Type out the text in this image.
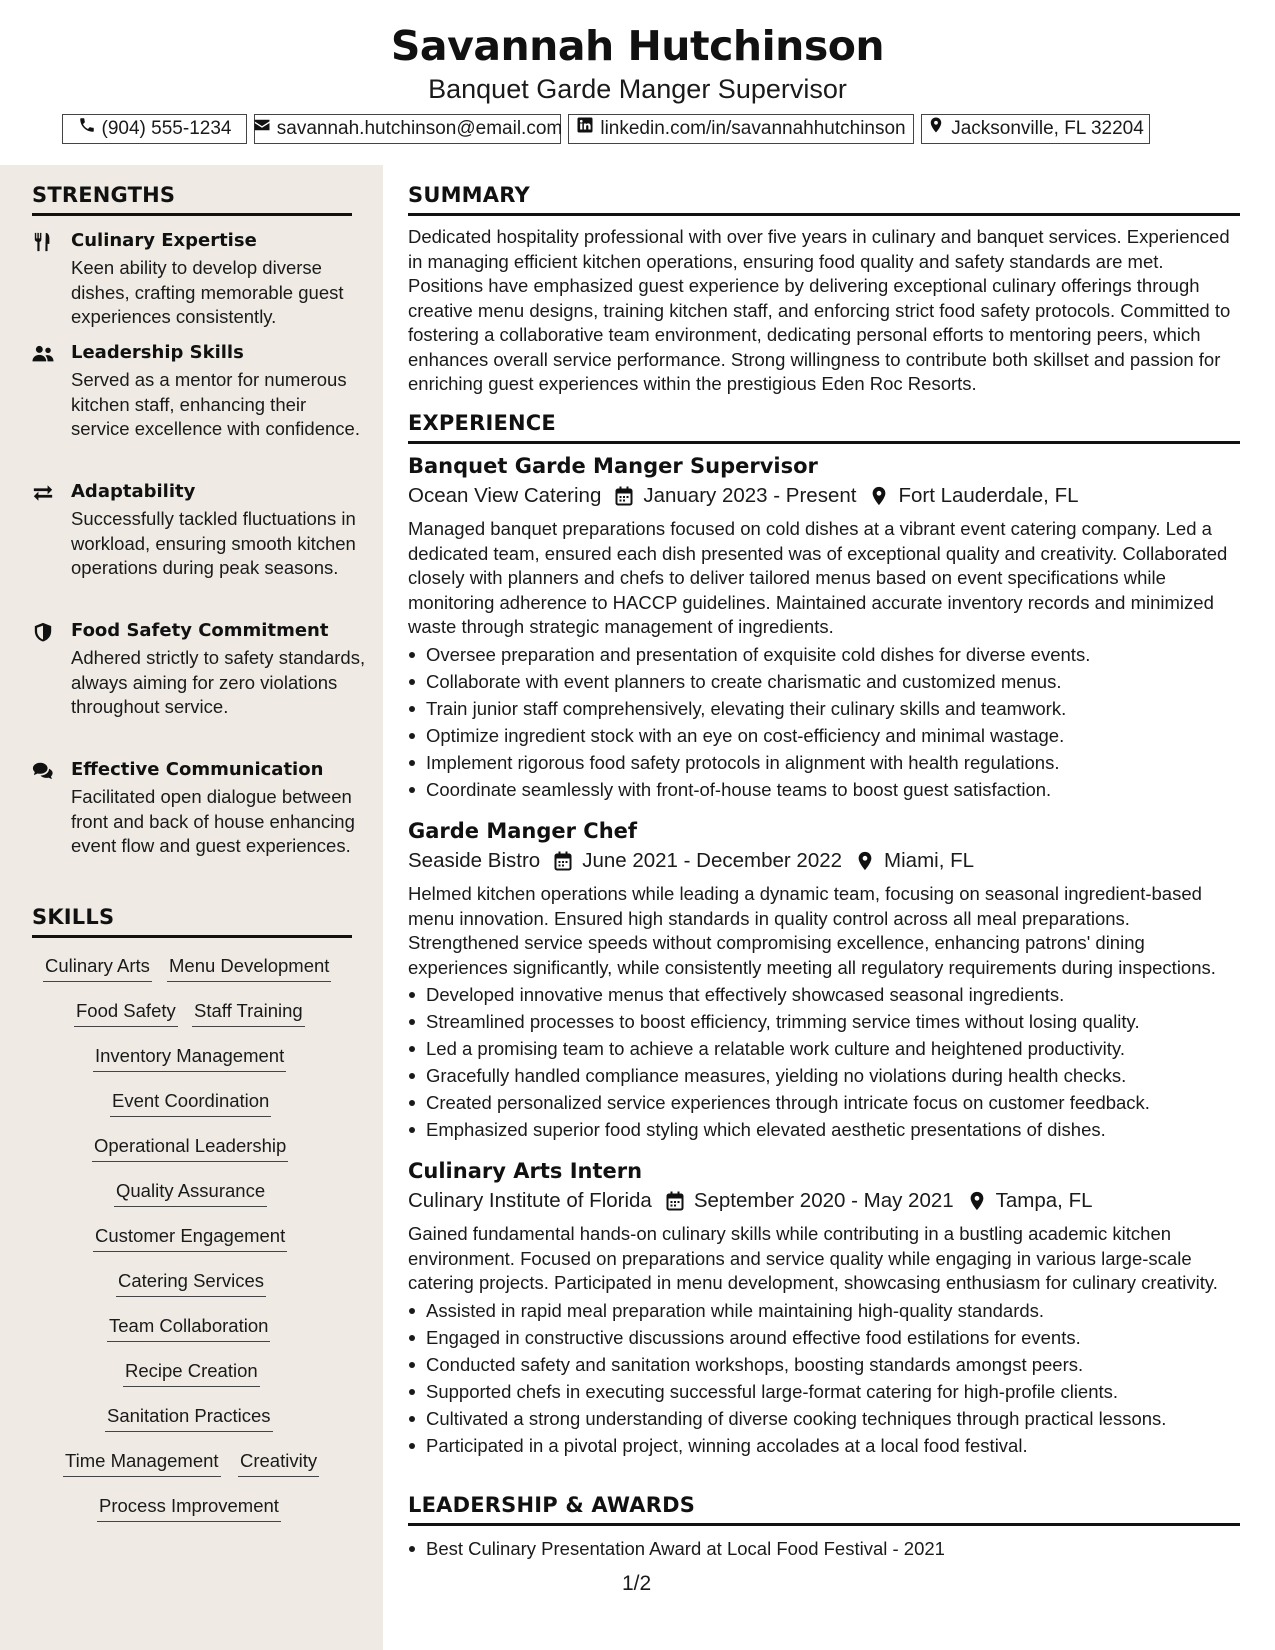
Savannah Hutchinson
Banquet Garde Manger Supervisor
(904) 555-1234 savannah.hutchinson@email.com linkedin.com/in/savannahhutchinson Jacksonville, FL 32204
STRENGTHS
Culinary Expertise
Keen ability to develop diverse dishes, crafting memorable guest experiences consistently.
Leadership Skills
Served as a mentor for numerous kitchen staff, enhancing their service excellence with confidence.
Adaptability
Successfully tackled fluctuations in workload, ensuring smooth kitchen operations during peak seasons.
Food Safety Commitment
Adhered strictly to safety standards, always aiming for zero violations throughout service.
Effective Communication
Facilitated open dialogue between front and back of house enhancing event flow and guest experiences.
SKILLS
Culinary Arts Menu Development
Food Safety Staff Training
Inventory Management
Event Coordination
Operational Leadership
Quality Assurance
Customer Engagement
Catering Services
Team Collaboration
Recipe Creation
Sanitation Practices
Time Management Creativity
Process Improvement
SUMMARY
Dedicated hospitality professional with over five years in culinary and banquet services. Experienced in managing efficient kitchen operations, ensuring food quality and safety standards are met. Positions have emphasized guest experience by delivering exceptional culinary offerings through creative menu designs, training kitchen staff, and enforcing strict food safety protocols. Committed to fostering a collaborative team environment, dedicating personal efforts to mentoring peers, which enhances overall service performance. Strong willingness to contribute both skillset and passion for enriching guest experiences within the prestigious Eden Roc Resorts.
EXPERIENCE
Banquet Garde Manger Supervisor
Ocean View Catering January 2023 - Present Fort Lauderdale, FL
Managed banquet preparations focused on cold dishes at a vibrant event catering company. Led a dedicated team, ensured each dish presented was of exceptional quality and creativity. Collaborated closely with planners and chefs to deliver tailored menus based on event specifications while monitoring adherence to HACCP guidelines. Maintained accurate inventory records and minimized waste through strategic management of ingredients.
Oversee preparation and presentation of exquisite cold dishes for diverse events.
Collaborate with event planners to create charismatic and customized menus.
Train junior staff comprehensively, elevating their culinary skills and teamwork.
Optimize ingredient stock with an eye on cost-efficiency and minimal wastage.
Implement rigorous food safety protocols in alignment with health regulations.
Coordinate seamlessly with front-of-house teams to boost guest satisfaction.
Garde Manger Chef
Seaside Bistro June 2021 - December 2022 Miami, FL
Helmed kitchen operations while leading a dynamic team, focusing on seasonal ingredient-based menu innovation. Ensured high standards in quality control across all meal preparations. Strengthened service speeds without compromising excellence, enhancing patrons' dining experiences significantly, while consistently meeting all regulatory requirements during inspections.
Developed innovative menus that effectively showcased seasonal ingredients.
Streamlined processes to boost efficiency, trimming service times without losing quality.
Led a promising team to achieve a relatable work culture and heightened productivity.
Gracefully handled compliance measures, yielding no violations during health checks.
Created personalized service experiences through intricate focus on customer feedback.
Emphasized superior food styling which elevated aesthetic presentations of dishes.
Culinary Arts Intern
Culinary Institute of Florida September 2020 - May 2021 Tampa, FL
Gained fundamental hands-on culinary skills while contributing in a bustling academic kitchen environment. Focused on preparations and service quality while engaging in various large-scale catering projects. Participated in menu development, showcasing enthusiasm for culinary creativity.
Assisted in rapid meal preparation while maintaining high-quality standards.
Engaged in constructive discussions around effective food estilations for events.
Conducted safety and sanitation workshops, boosting standards amongst peers.
Supported chefs in executing successful large-format catering for high-profile clients.
Cultivated a strong understanding of diverse cooking techniques through practical lessons.
Participated in a pivotal project, winning accolades at a local food festival.
LEADERSHIP & AWARDS
Best Culinary Presentation Award at Local Food Festival - 2021
1/2
